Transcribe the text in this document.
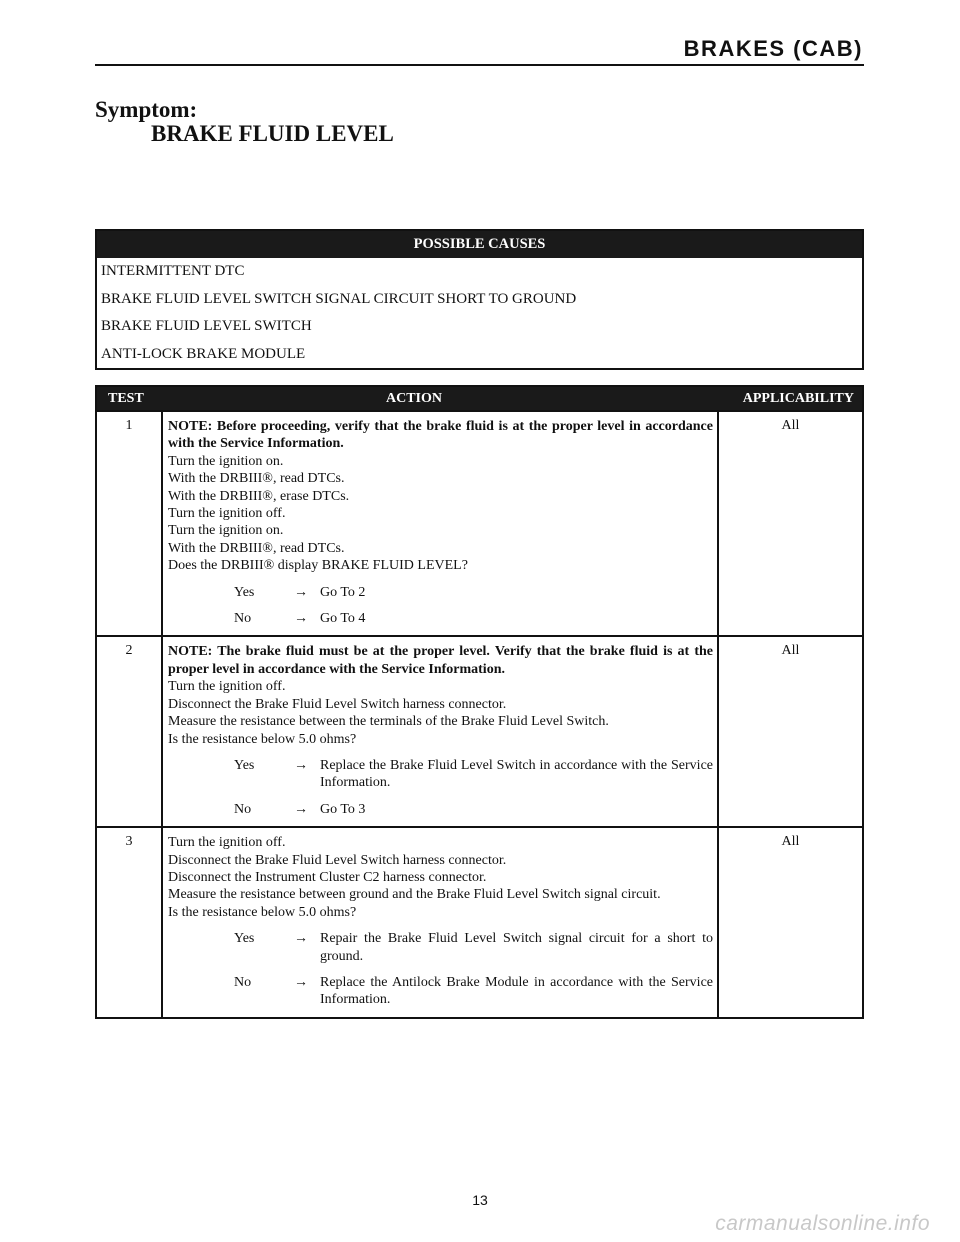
BRAKES (CAB)
Symptom:
BRAKE FLUID LEVEL
POSSIBLE CAUSES
INTERMITTENT DTC
BRAKE FLUID LEVEL SWITCH SIGNAL CIRCUIT SHORT TO GROUND
BRAKE FLUID LEVEL SWITCH
ANTI-LOCK BRAKE MODULE
TEST	ACTION	APPLICABILITY
1	NOTE: Before proceeding, verify that the brake fluid is at the proper level in accordance with the Service Information.
Turn the ignition on.
With the DRBIII®, read DTCs.
With the DRBIII®, erase DTCs.
Turn the ignition off.
Turn the ignition on.
With the DRBIII®, read DTCs.
Does the DRBIII® display BRAKE FLUID LEVEL?
Yes	→ Go To 2
No	→ Go To 4
All
2	NOTE: The brake fluid must be at the proper level. Verify that the brake fluid is at the proper level in accordance with the Service Information.
Turn the ignition off.
Disconnect the Brake Fluid Level Switch harness connector.
Measure the resistance between the terminals of the Brake Fluid Level Switch.
Is the resistance below 5.0 ohms?
Yes	→ Replace the Brake Fluid Level Switch in accordance with the Service Information.
No	→ Go To 3
All
3	Turn the ignition off.
Disconnect the Brake Fluid Level Switch harness connector.
Disconnect the Instrument Cluster C2 harness connector.
Measure the resistance between ground and the Brake Fluid Level Switch signal circuit.
Is the resistance below 5.0 ohms?
Yes	→ Repair the Brake Fluid Level Switch signal circuit for a short to ground.
No	→ Replace the Antilock Brake Module in accordance with the Service Information.
All
13
carmanualsonline.info
